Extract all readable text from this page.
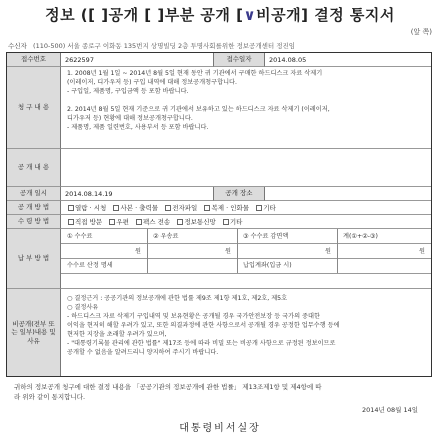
정보 ([ ]공개 [ ]부분 공개 [∨비공개] 결정 통지서
(앞 쪽)
수신자 (110-500) 서울 종로구 이화동 135번지 상명빌딩 2층 투명사회를위한 정보공개센터 정진임
접수번호	2622597	접수일자	2014.08.05
청 구 내 용
1. 2008년 1월 1일 ~ 2014년 8월 5일 현재 동안 귀 기관에서 구매한 하드디스크 자료 삭제기
(이레이저, 디가우저 등) 구입 내역에 대해 정보공개청구합니다.
- 구입일, 제품명, 구입금액 등 포함 바랍니다.
2. 2014년 8월 5일 현재 기준으로 귀 기관에서 보유하고 있는 하드디스크 자료 삭제기 (이레이저,
디가우저 등) 현황에 대해 정보공개청구합니다.
- 제품명, 제품 일련번호, 사용부서 등 포함 바랍니다.
공 개 내 용
공개 일시	2014.08.14.19	공개 장소
공 개 방 법	열람 · 시청
사본 · 출력물
전자파일
복제 · 인화물
기타
수 령 방 법	직접 방문
우편
팩스 전송
정보통신망
기타
납 부 방 법
① 수수료	② 우송료	③ 수수료 감면액	계(①+②-③)
원	원	원	원
수수료 산정 명세	납입계좌(입금 시)
비공개(전부 또는 일부)내용 및 사유
○ 결정근거 : 공공기관의 정보공개에 관한 법률 제9조 제1항 제1호, 제2호, 제5호
○ 결정사유
- 하드디스크 자료 삭제기 구입내역 및 보유현황은 공개될 경우 국가안전보장 등 국가의 중대한
이익을 현저히 해할 우려가 있고, 또한 의결과정에 관한 사항으로서 공개될 경우 공정한 업무수행 등에
현저한 지장을 초래할 우려가 있으며,
- "대통령기록물 관리에 관한 법률" 제17조 등에 따라 비밀 또는 비공개 사항으로 규정된 정보이므로
공개할 수 없음을 알려드리니 양지하여 주시기 바랍니다.
귀하의 정보공개 청구에 대한 결정 내용을 「공공기관의 정보공개에 관한 법률」 제13조제1항 및 제4항에 따
라 위와 같이 통지합니다.
2014년 08월 14일
대통령비서실장
